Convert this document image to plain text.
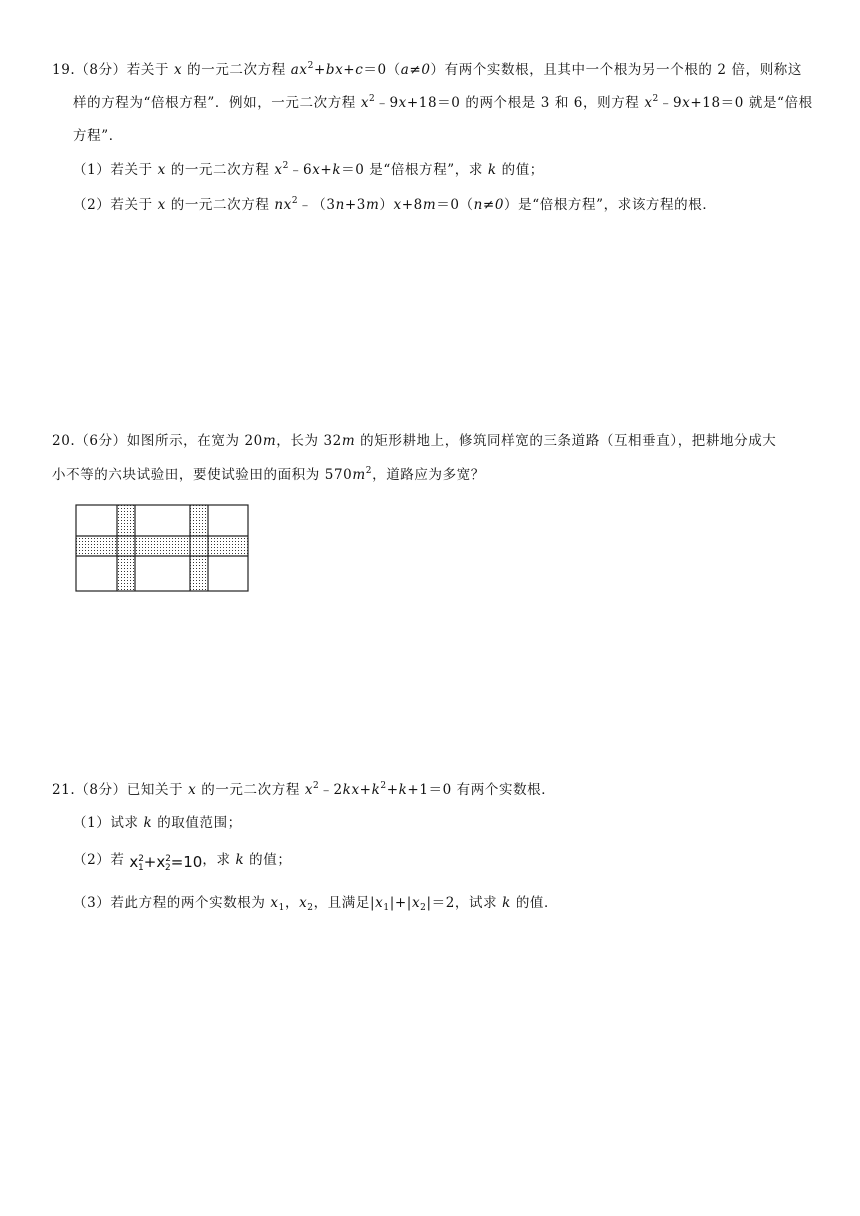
19.（8分）若关于 x 的一元二次方程 $ax^2+bx+c=0(a\ne 0)$有两个实数根，且其中一个根为另一个根的 2 倍，则称这
样的方程为“倍根方程”．例如，一元二次方程 $x^2﹣9x+18=0$ 的两个根是 3 和 6，则方程 $x^2﹣9x+18=0$ 就是“倍根
方程”．
（1）若关于 x 的一元二次方程 $x^2﹣6x+k=0$ 是“倍根方程”，求 k 的值；
（2）若关于 x 的一元二次方程 $nx^2﹣(3n+3m)x+8m=0(n\ne 0)$是“倍根方程”，求该方程的根．
20.（6分）如图所示，在宽为 20m，长为 32m 的矩形耕地上，修筑同样宽的三条道路（互相垂直），把耕地分成大
小不等的六块试验田，要使试验田的面积为 $570m^2$，道路应为多宽？
21.（8分）已知关于 x 的一元二次方程 $x^2﹣2kx+k^2+k+1=0$ 有两个实数根．
（1）试求 k 的取值范围；
（2）若 $x^2_1+x^2_2=10$，求 k 的值；
（3）若此方程的两个实数根为 $x_1$，$x_2$，且满足$|x_1|+|x_2|=2$，试求 k 的值．
